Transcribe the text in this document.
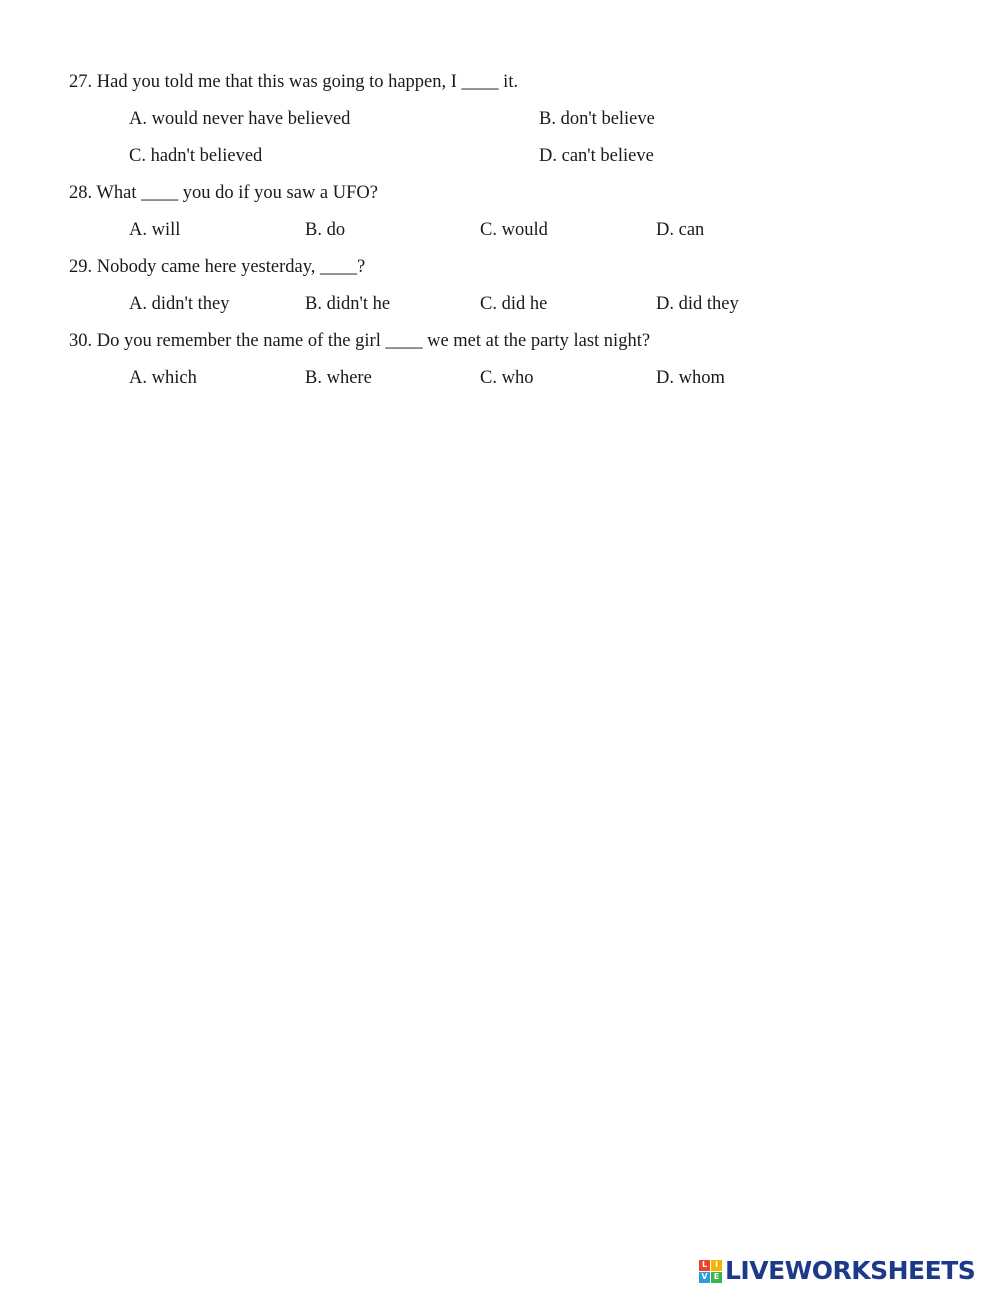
27. Had you told me that this was going to happen, I ____ it.
A. would never have believed	B. don't believe
C. hadn't believed	D. can't believe
28. What ____ you do if you saw a UFO?
A. will	B. do	C. would	D. can
29. Nobody came here yesterday, ____?
A. didn't they	B. didn't he	C. did he	D. did they
30. Do you remember the name of the girl ____ we met at the party last night?
A. which	B. where	C. who	D. whom
L I
V E LIVEWORKSHEETS
